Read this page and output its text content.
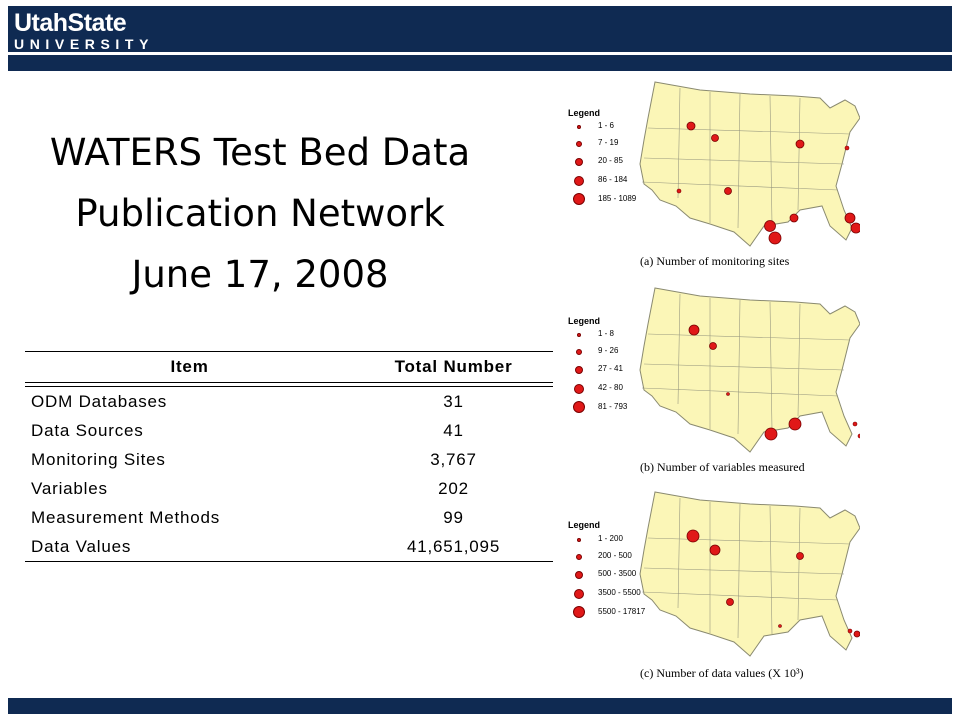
UtahState
UNIVERSITY
WATERS Test Bed Data
Publication Network
June 17, 2008
Item	Total Number

ODM Databases	31
Data Sources	41
Monitoring Sites	3,767
Variables	202
Measurement Methods	99
Data Values	41,651,095
Legend
1 - 6
7 - 19
20 - 85
86 - 184
185 - 1089
(a) Number of monitoring sites
Legend
1 - 8
9 - 26
27 - 41
42 - 80
81 - 793
(b) Number of variables measured
Legend
1 - 200
200 - 500
500 - 3500
3500 - 5500
5500 - 17817
(c) Number of data values (X 10³)
